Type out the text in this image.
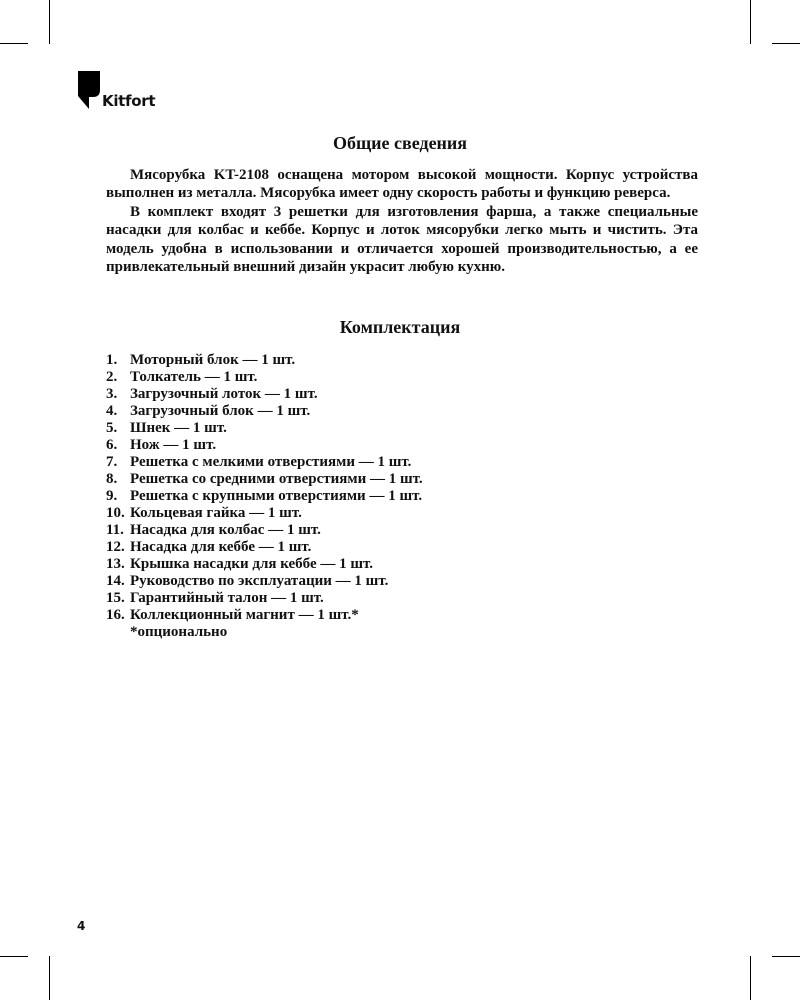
Kitfort
Общие сведения

Мясорубка KT-2108 оснащена мотором высокой мощности. Корпус устройства выполнен из металла. Мясорубка имеет одну скорость работы и функцию реверса.

В комплект входят 3 решетки для изготовления фарша, а также специальные насадки для колбас и кеббе. Корпус и лоток мясорубки легко мыть и чистить. Эта модель удобна в использовании и отличается хорошей производительностью, а ее привлекательный внешний дизайн украсит любую кухню.

Комплектация
1. Моторный блок — 1 шт.
2. Толкатель — 1 шт.
3. Загрузочный лоток — 1 шт.
4. Загрузочный блок — 1 шт.
5. Шнек — 1 шт.
6. Нож — 1 шт.
7. Решетка с мелкими отверстиями — 1 шт.
8. Решетка со средними отверстиями — 1 шт.
9. Решетка с крупными отверстиями — 1 шт.
10. Кольцевая гайка — 1 шт.
11. Насадка для колбас — 1 шт.
12. Насадка для кеббе — 1 шт.
13. Крышка насадки для кеббе — 1 шт.
14. Руководство по эксплуатации — 1 шт.
15. Гарантийный талон — 1 шт.
16. Коллекционный магнит — 1 шт.*
*опционально
4
